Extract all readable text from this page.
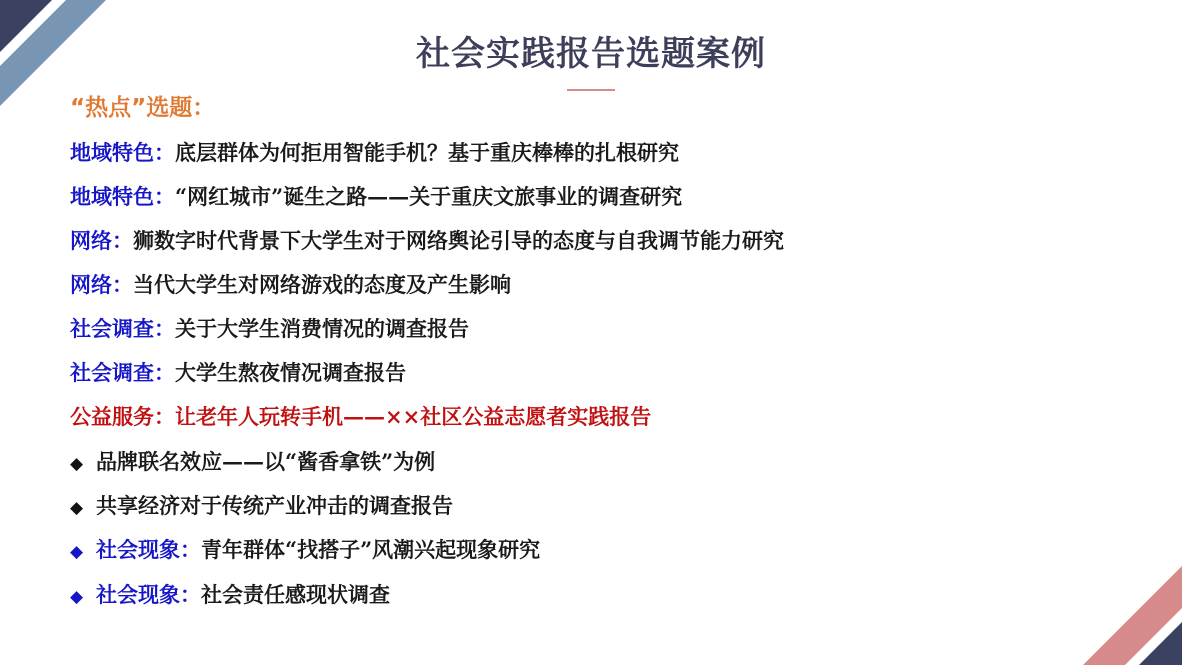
社会实践报告选题案例
“热点”选题：
地域特色：底层群体为何拒用智能手机？基于重庆棒棒的扎根研究
地域特色：“网红城市”诞生之路——关于重庆文旅事业的调查研究
网络：狮数字时代背景下大学生对于网络舆论引导的态度与自我调节能力研究
网络：当代大学生对网络游戏的态度及产生影响
社会调查：关于大学生消费情况的调查报告
社会调查：大学生熬夜情况调查报告
公益服务：让老年人玩转手机——××社区公益志愿者实践报告
◆ 品牌联名效应——以“酱香拿铁”为例
◆ 共享经济对于传统产业冲击的调查报告
◆ 社会现象：青年群体“找搭子”风潮兴起现象研究
◆ 社会现象：社会责任感现状调查
